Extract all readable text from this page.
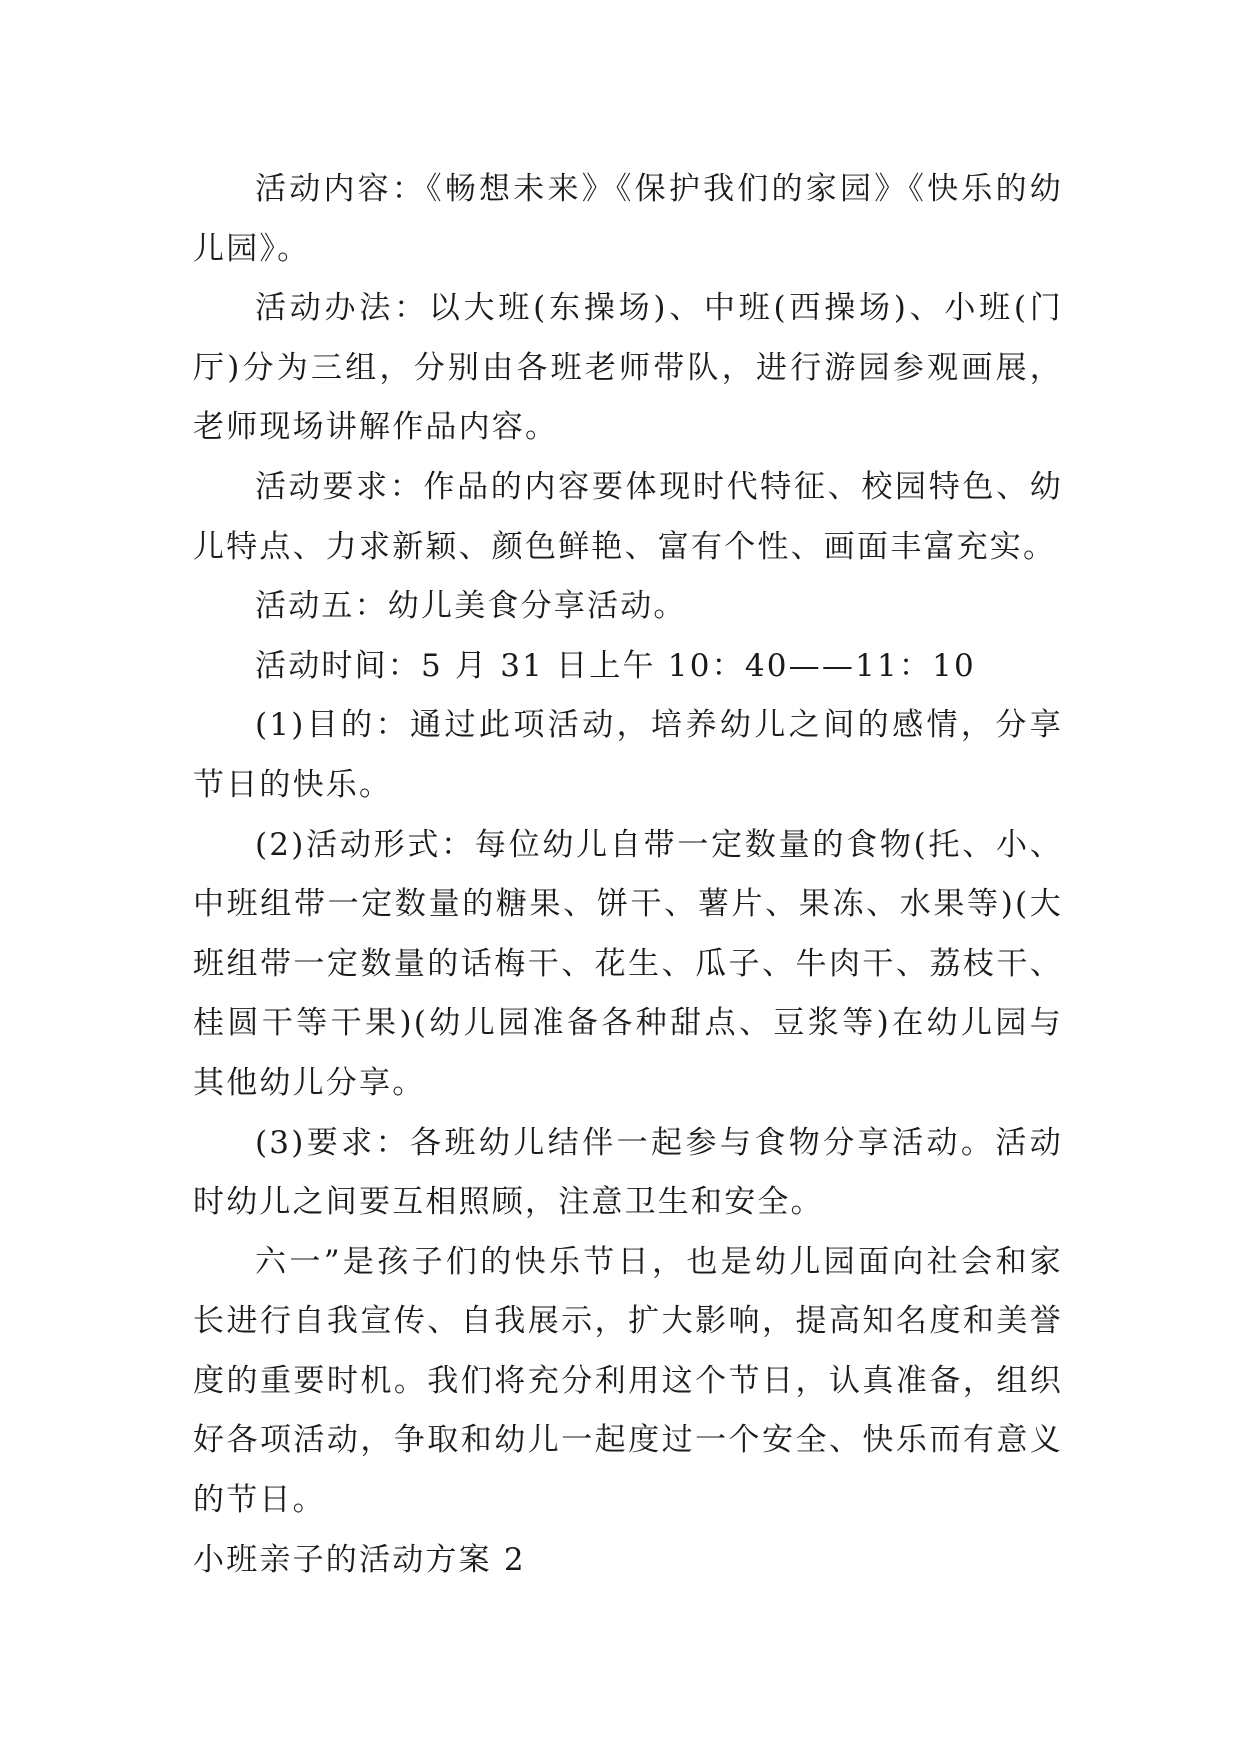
活动内容：《畅想未来》《保护我们的家园》《快乐的幼儿园》。

活动办法：以大班(东操场)、中班(西操场)、小班(门厅)分为三组，分别由各班老师带队，进行游园参观画展，老师现场讲解作品内容。

活动要求：作品的内容要体现时代特征、校园特色、幼儿特点、力求新颖、颜色鲜艳、富有个性、画面丰富充实。

活动五：幼儿美食分享活动。

活动时间：5 月 31 日上午 10：40——11：10

(1)目的：通过此项活动，培养幼儿之间的感情，分享节日的快乐。

(2)活动形式：每位幼儿自带一定数量的食物(托、小、中班组带一定数量的糖果、饼干、薯片、果冻、水果等)(大班组带一定数量的话梅干、花生、瓜子、牛肉干、荔枝干、桂圆干等干果)(幼儿园准备各种甜点、豆浆等)在幼儿园与其他幼儿分享。

(3)要求：各班幼儿结伴一起参与食物分享活动。活动时幼儿之间要互相照顾，注意卫生和安全。

六一”是孩子们的快乐节日，也是幼儿园面向社会和家长进行自我宣传、自我展示，扩大影响，提高知名度和美誉度的重要时机。我们将充分利用这个节日，认真准备，组织好各项活动，争取和幼儿一起度过一个安全、快乐而有意义的节日。

小班亲子的活动方案 2
